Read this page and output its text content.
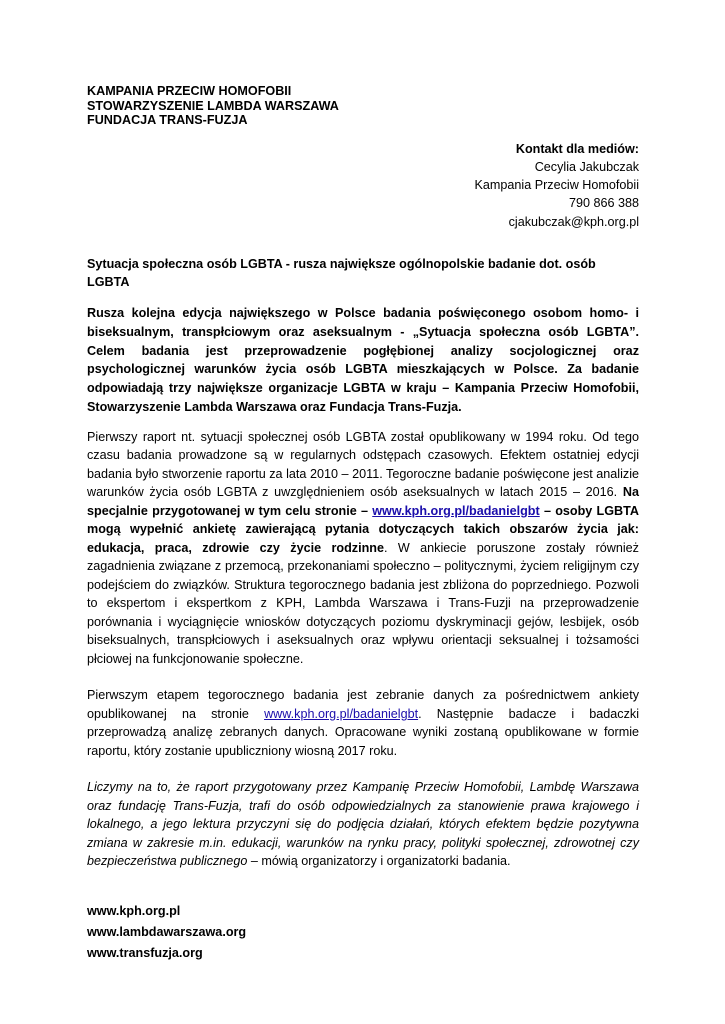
KAMPANIA PRZECIW HOMOFOBII
STOWARZYSZENIE LAMBDA WARSZAWA
FUNDACJA TRANS-FUZJA
Kontakt dla mediów:
Cecylia Jakubczak
Kampania Przeciw Homofobii
790 866 388
cjakubczak@kph.org.pl
Sytuacja społeczna osób LGBTA - rusza największe ogólnopolskie badanie dot. osób LGBTA

Rusza kolejna edycja największego w Polsce badania poświęconego osobom homo- i biseksualnym, transpłciowym oraz aseksualnym - „Sytuacja społeczna osób LGBTA”. Celem badania jest przeprowadzenie pogłębionej analizy socjologicznej oraz psychologicznej warunków życia osób LGBTA mieszkających w Polsce. Za badanie odpowiadają trzy największe organizacje LGBTA w kraju – Kampania Przeciw Homofobii, Stowarzyszenie Lambda Warszawa oraz Fundacja Trans-Fuzja.

Pierwszy raport nt. sytuacji społecznej osób LGBTA został opublikowany w 1994 roku. Od tego czasu badania prowadzone są w regularnych odstępach czasowych. Efektem ostatniej edycji badania było stworzenie raportu za lata 2010 – 2011. Tegoroczne badanie poświęcone jest analizie warunków życia osób LGBTA z uwzględnieniem osób aseksualnych w latach 2015 – 2016. Na specjalnie przygotowanej w tym celu stronie – www.kph.org.pl/badanielgbt – osoby LGBTA mogą wypełnić ankietę zawierającą pytania dotyczących takich obszarów życia jak: edukacja, praca, zdrowie czy życie rodzinne. W ankiecie poruszone zostały również zagadnienia związane z przemocą, przekonaniami społeczno – politycznymi, życiem religijnym czy podejściem do związków. Struktura tegorocznego badania jest zbliżona do poprzedniego. Pozwoli to ekspertom i ekspertkom z KPH, Lambda Warszawa i Trans-Fuzji na przeprowadzenie porównania i wyciągnięcie wniosków dotyczących poziomu dyskryminacji gejów, lesbijek, osób biseksualnych, transpłciowych i aseksualnych oraz wpływu orientacji seksualnej i tożsamości płciowej na funkcjonowanie społeczne.

Pierwszym etapem tegorocznego badania jest zebranie danych za pośrednictwem ankiety opublikowanej na stronie www.kph.org.pl/badanielgbt. Następnie badacze i badaczki przeprowadzą analizę zebranych danych. Opracowane wyniki zostaną opublikowane w formie raportu, który zostanie upubliczniony wiosną 2017 roku.

Liczymy na to, że raport przygotowany przez Kampanię Przeciw Homofobii, Lambdę Warszawa oraz fundację Trans-Fuzja, trafi do osób odpowiedzialnych za stanowienie prawa krajowego i lokalnego, a jego lektura przyczyni się do podjęcia działań, których efektem będzie pozytywna zmiana w zakresie m.in. edukacji, warunków na rynku pracy, polityki społecznej, zdrowotnej czy bezpieczeństwa publicznego – mówią organizatorzy i organizatorki badania.

www.kph.org.pl
www.lambdawarszawa.org
www.transfuzja.org
